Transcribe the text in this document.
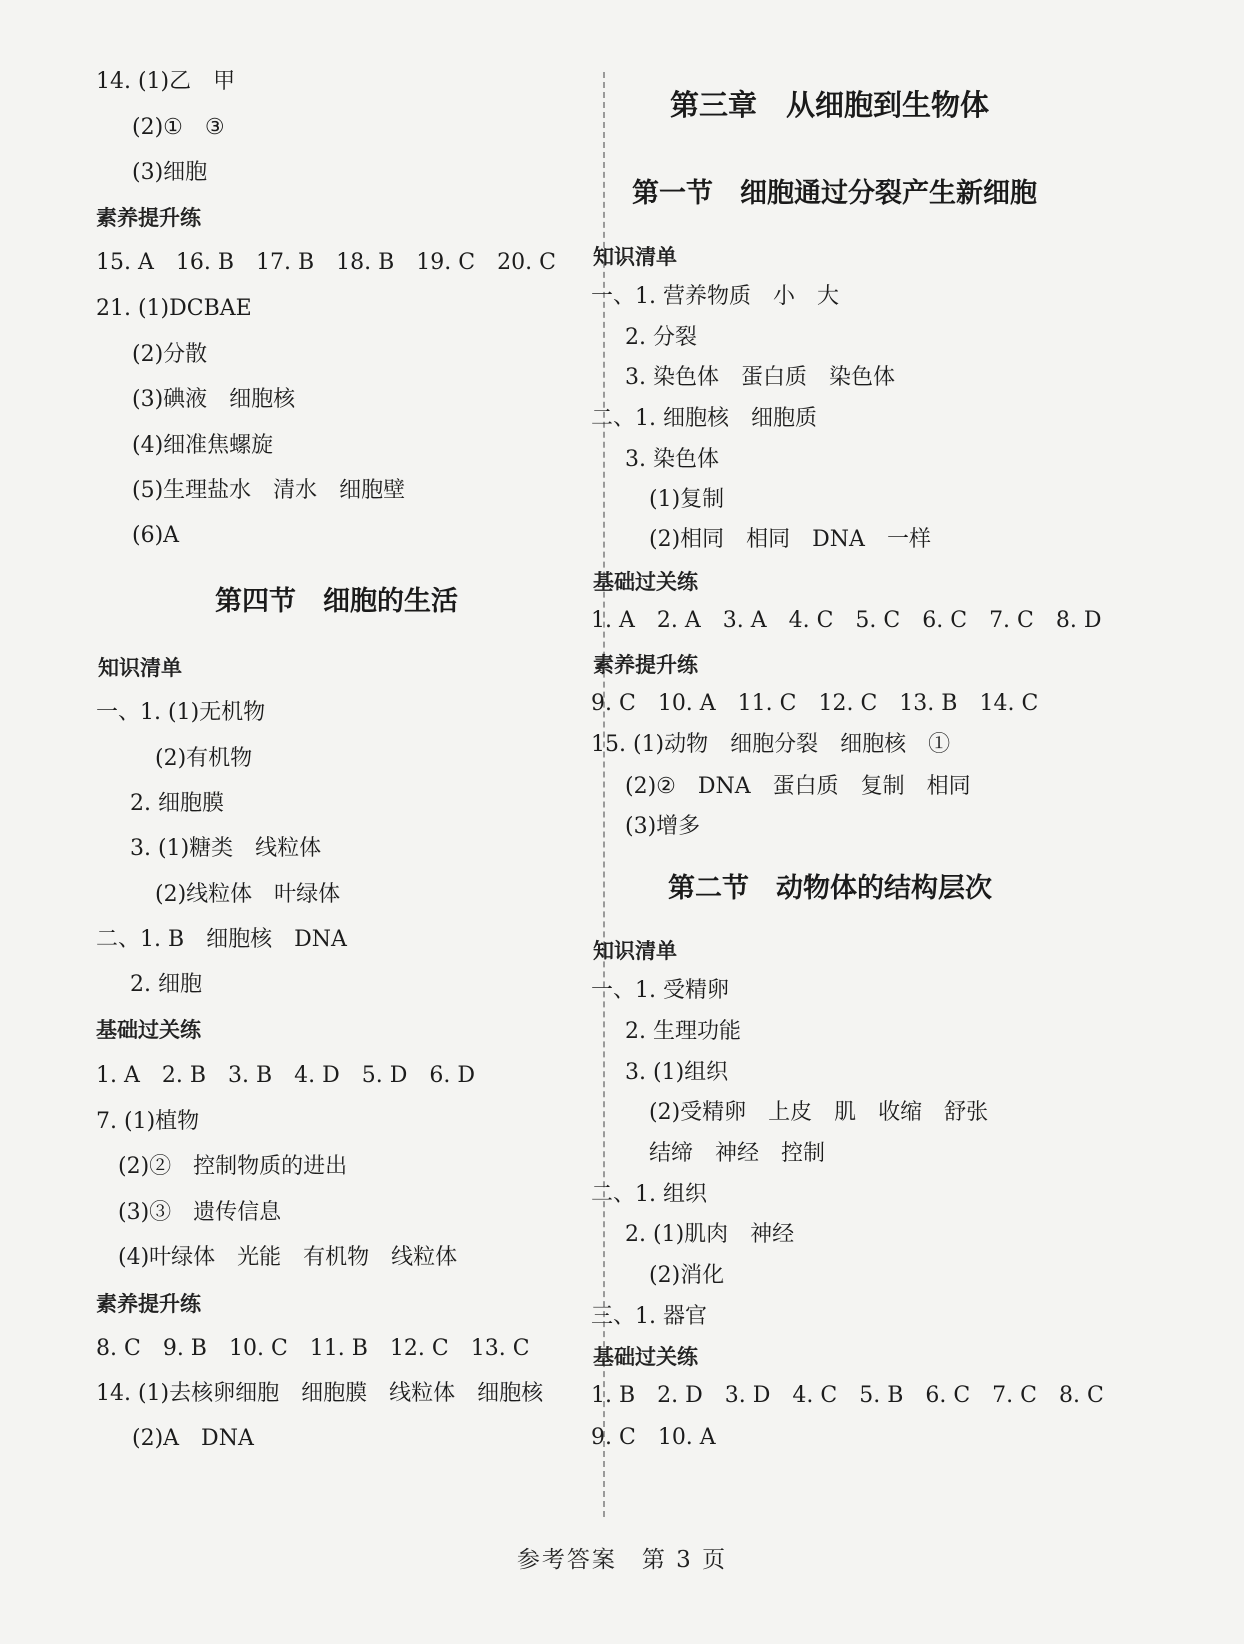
14. (1)乙　甲
(2)①　③
(3)细胞
素养提升练
15. A　16. B　17. B　18. B　19. C　20. C
21. (1)DCBAE
(2)分散
(3)碘液　细胞核
(4)细准焦螺旋
(5)生理盐水　清水　细胞壁
(6)A
第四节　细胞的生活
知识清单
一、1. (1)无机物
(2)有机物
2. 细胞膜
3. (1)糖类　线粒体
(2)线粒体　叶绿体
二、1. B　细胞核　DNA
2. 细胞
基础过关练
1. A　2. B　3. B　4. D　5. D　6. D
7. (1)植物
(2)②　控制物质的进出
(3)③　遗传信息
(4)叶绿体　光能　有机物　线粒体
素养提升练
8. C　9. B　10. C　11. B　12. C　13. C
14. (1)去核卵细胞　细胞膜　线粒体　细胞核
(2)A　DNA
第三章　从细胞到生物体
第一节　细胞通过分裂产生新细胞
知识清单
一、1. 营养物质　小　大
2. 分裂
3. 染色体　蛋白质　染色体
二、1. 细胞核　细胞质
3. 染色体
(1)复制
(2)相同　相同　DNA　一样
基础过关练
1. A　2. A　3. A　4. C　5. C　6. C　7. C　8. D
素养提升练
9. C　10. A　11. C　12. C　13. B　14. C
15. (1)动物　细胞分裂　细胞核　①
(2)②　DNA　蛋白质　复制　相同
(3)增多
第二节　动物体的结构层次
知识清单
一、1. 受精卵
2. 生理功能
3. (1)组织
(2)受精卵　上皮　肌　收缩　舒张
结缔　神经　控制
二、1. 组织
2. (1)肌肉　神经
(2)消化
三、1. 器官
基础过关练
1. B　2. D　3. D　4. C　5. B　6. C　7. C　8. C
9. C　10. A
参考答案　第 3 页
